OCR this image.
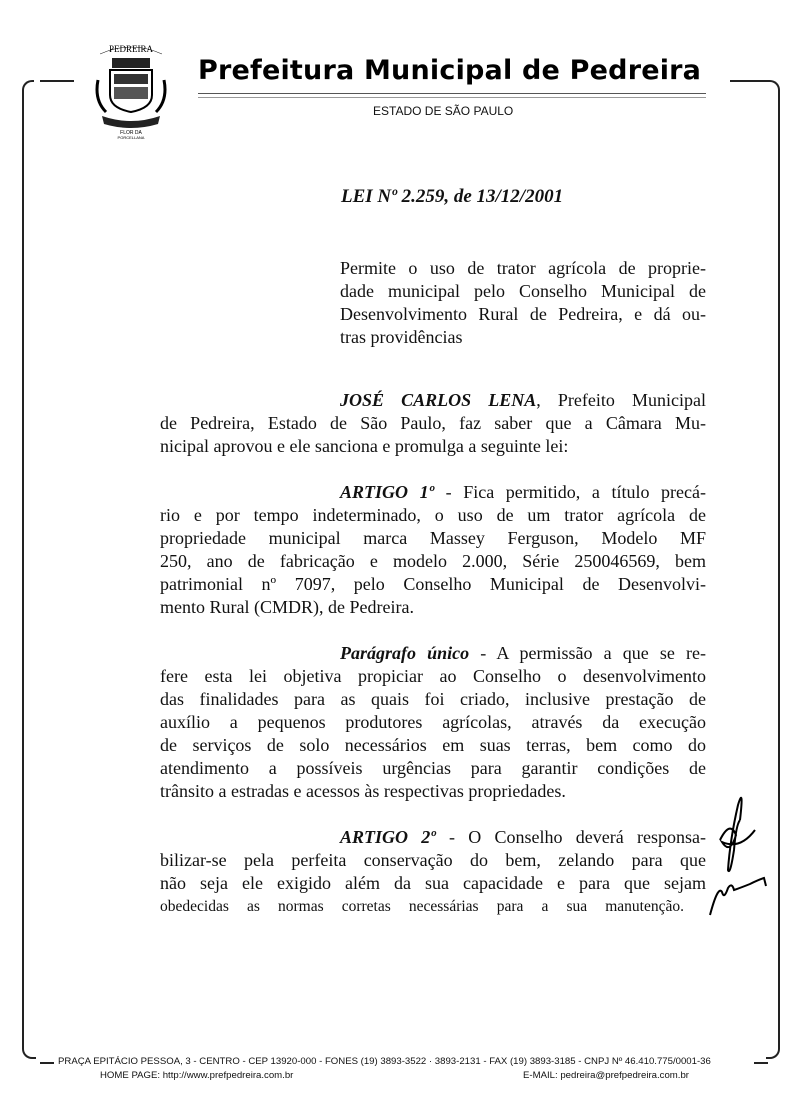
PEDREIRA
FLOR DA
PORCELLANA
Prefeitura Municipal de Pedreira
ESTADO DE SÃO PAULO
LEI Nº 2.259, de 13/12/2001
Permite o uso de trator agrícola de proprie-
dade municipal pelo Conselho Municipal de
Desenvolvimento Rural de Pedreira, e dá ou-
tras providências
JOSÉ CARLOS LENA, Prefeito Municipal
de Pedreira, Estado de São Paulo, faz saber que a Câmara Mu-
nicipal aprovou e ele sanciona e promulga a seguinte lei:
ARTIGO 1º - Fica permitido, a título precá-
rio e por tempo indeterminado, o uso de um trator agrícola de
propriedade municipal marca Massey Ferguson, Modelo MF
250, ano de fabricação e modelo 2.000, Série 250046569, bem
patrimonial nº 7097, pelo Conselho Municipal de Desenvolvi-
mento Rural (CMDR), de Pedreira.
Parágrafo único - A permissão a que se re-
fere esta lei objetiva propiciar ao Conselho o desenvolvimento
das finalidades para as quais foi criado, inclusive prestação de
auxílio a pequenos produtores agrícolas, através da execução
de serviços de solo necessários em suas terras, bem como do
atendimento a possíveis urgências para garantir condições de
trânsito a estradas e acessos às respectivas propriedades.
ARTIGO 2º - O Conselho deverá responsa-
bilizar-se pela perfeita conservação do bem, zelando para que
não seja ele exigido além da sua capacidade e para que sejam
obedecidas as normas corretas necessárias para a sua manutenção.
PRAÇA EPITÁCIO PESSOA, 3 - CENTRO - CEP 13920-000 - FONES (19) 3893-3522 · 3893-2131 - FAX (19) 3893-3185 - CNPJ Nº 46.410.775/0001-36
HOME PAGE: http://www.prefpedreira.com.br	E-MAIL: pedreira@prefpedreira.com.br
